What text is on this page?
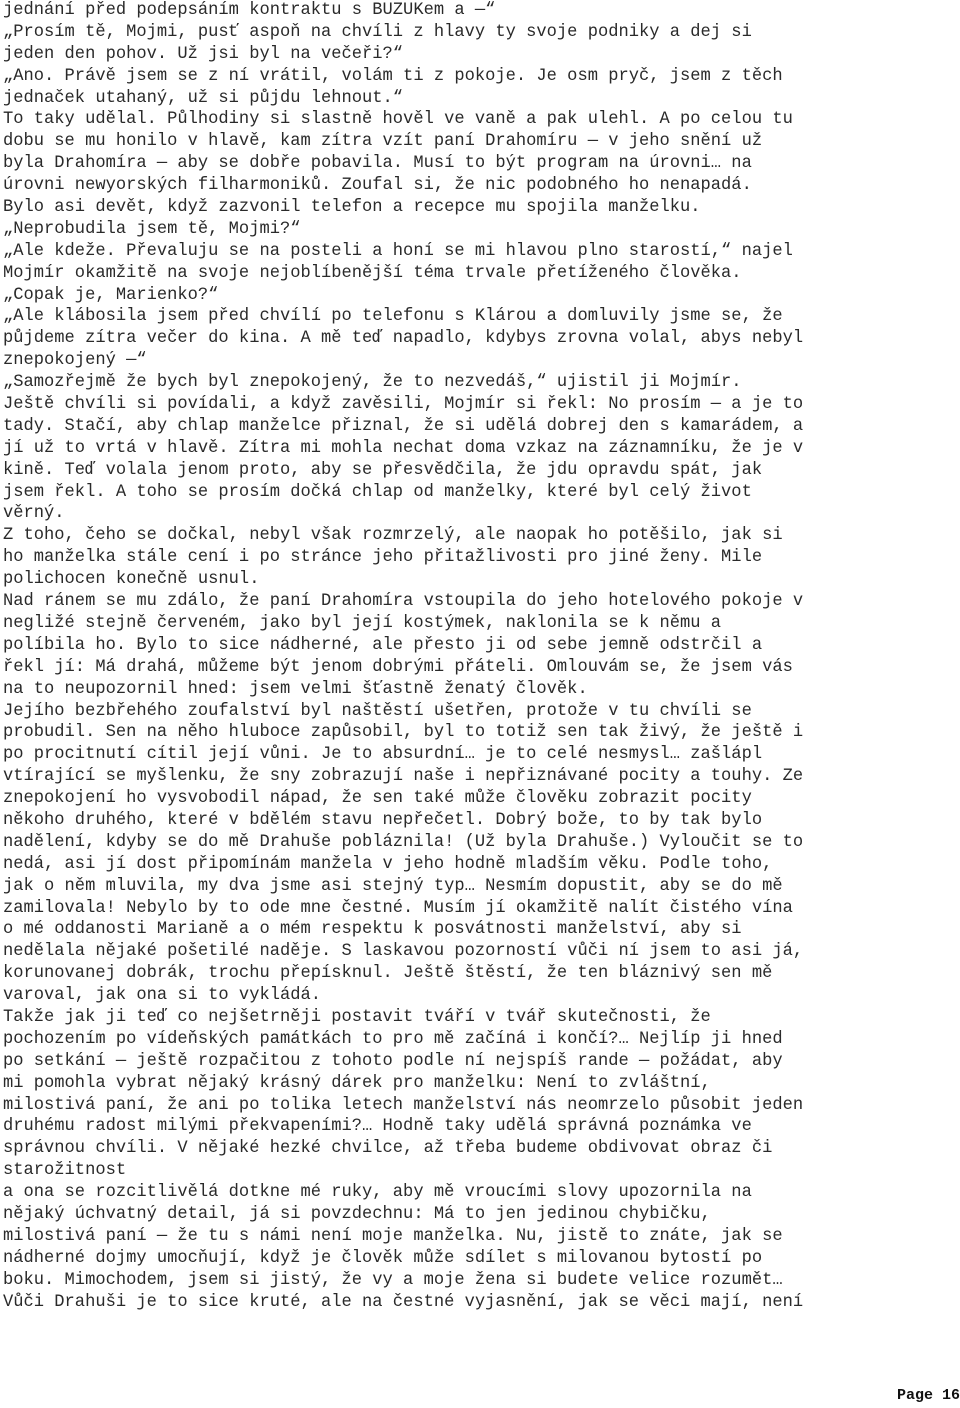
jednání před podepsáním kontraktu s BUZUKem a —“
„Prosím tě, Mojmi, pusť aspoň na chvíli z hlavy ty svoje podniky a dej si
jeden den pohov. Už jsi byl na večeři?“
„Ano. Právě jsem se z ní vrátil, volám ti z pokoje. Je osm pryč, jsem z těch
jednaček utahaný, už si půjdu lehnout.“
To taky udělal. Půlhodiny si slastně hověl ve vaně a pak ulehl. A po celou tu
dobu se mu honilo v hlavě, kam zítra vzít paní Drahomíru — v jeho snění už
byla Drahomíra — aby se dobře pobavila. Musí to být program na úrovni… na
úrovni newyorských filharmoniků. Zoufal si, že nic podobného ho nenapadá.
Bylo asi devět, když zazvonil telefon a recepce mu spojila manželku.
„Neprobudila jsem tě, Mojmi?“
„Ale kdeže. Převaluju se na posteli a honí se mi hlavou plno starostí,“ najel
Mojmír okamžitě na svoje nejoblíbenější téma trvale přetíženého člověka.
„Copak je, Marienko?“
„Ale klábosila jsem před chvílí po telefonu s Klárou a domluvily jsme se, že
půjdeme zítra večer do kina. A mě teď napadlo, kdybys zrovna volal, abys nebyl
znepokojený —“
„Samozřejmě že bych byl znepokojený, že to nezvedáš,“ ujistil ji Mojmír.
Ještě chvíli si povídali, a když zavěsili, Mojmír si řekl: No prosím — a je to
tady. Stačí, aby chlap manželce přiznal, že si udělá dobrej den s kamarádem, a
jí už to vrtá v hlavě. Zítra mi mohla nechat doma vzkaz na záznamníku, že je v
kině. Teď volala jenom proto, aby se přesvědčila, že jdu opravdu spát, jak
jsem řekl. A toho se prosím dočká chlap od manželky, které byl celý život
věrný.
Z toho, čeho se dočkal, nebyl však rozmrzelý, ale naopak ho potěšilo, jak si
ho manželka stále cení i po stránce jeho přitažlivosti pro jiné ženy. Mile
polichocen konečně usnul.
Nad ránem se mu zdálo, že paní Drahomíra vstoupila do jeho hotelového pokoje v
negližé stejně červeném, jako byl její kostýmek, naklonila se k němu a
políbila ho. Bylo to sice nádherné, ale přesto ji od sebe jemně odstrčil a
řekl jí: Má drahá, můžeme být jenom dobrými přáteli. Omlouvám se, že jsem vás
na to neupozornil hned: jsem velmi šťastně ženatý člověk.
Jejího bezbřehého zoufalství byl naštěstí ušetřen, protože v tu chvíli se
probudil. Sen na něho hluboce zapůsobil, byl to totiž sen tak živý, že ještě i
po procitnutí cítil její vůni. Je to absurdní… je to celé nesmysl… zašlápl
vtírající se myšlenku, že sny zobrazují naše i nepřiznávané pocity a touhy. Ze
znepokojení ho vysvobodil nápad, že sen také může člověku zobrazit pocity
někoho druhého, které v bdělém stavu nepřečetl. Dobrý bože, to by tak bylo
nadělení, kdyby se do mě Drahuše pobláznila! (Už byla Drahuše.) Vyloučit se to
nedá, asi jí dost připomínám manžela v jeho hodně mladším věku. Podle toho,
jak o něm mluvila, my dva jsme asi stejný typ… Nesmím dopustit, aby se do mě
zamilovala! Nebylo by to ode mne čestné. Musím jí okamžitě nalít čistého vína
o mé oddanosti Marianě a o mém respektu k posvátnosti manželství, aby si
nedělala nějaké pošetilé naděje. S laskavou pozorností vůči ní jsem to asi já,
korunovanej dobrák, trochu přepísknul. Ještě štěstí, že ten bláznivý sen mě
varoval, jak ona si to vykládá.
Takže jak ji teď co nejšetrněji postavit tváří v tvář skutečnosti, že
pochozením po vídeňských památkách to pro mě začíná i končí?… Nejlíp ji hned
po setkání — ještě rozpačitou z tohoto podle ní nejspíš rande — požádat, aby
mi pomohla vybrat nějaký krásný dárek pro manželku: Není to zvláštní,
milostivá paní, že ani po tolika letech manželství nás neomrzelo působit jeden
druhému radost milými překvapeními?… Hodně taky udělá správná poznámka ve
správnou chvíli. V nějaké hezké chvilce, až třeba budeme obdivovat obraz či
starožitnost
a ona se rozcitlivělá dotkne mé ruky, aby mě vroucími slovy upozornila na
nějaký úchvatný detail, já si povzdechnu: Má to jen jedinou chybičku,
milostivá paní — že tu s námi není moje manželka. Nu, jistě to znáte, jak se
nádherné dojmy umocňují, když je člověk může sdílet s milovanou bytostí po
boku. Mimochodem, jsem si jistý, že vy a moje žena si budete velice rozumět…
Vůči Drahuši je to sice kruté, ale na čestné vyjasnění, jak se věci mají, není
Page 16
